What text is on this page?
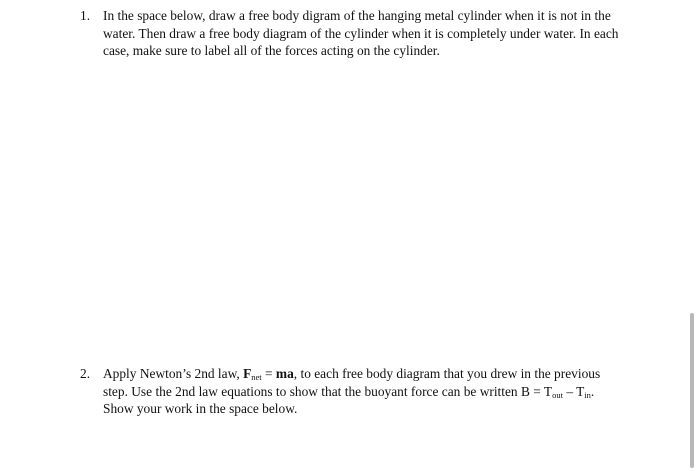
1. In the space below, draw a free body digram of the hanging metal cylinder when it is not in the water. Then draw a free body diagram of the cylinder when it is completely under water. In each case, make sure to label all of the forces acting on the cylinder.
2. Apply Newton’s 2nd law, $F_{net}$ = ma, to each free body diagram that you drew in the previous step. Use the 2nd law equations to show that the buoyant force can be written $B = T_{out} - T_{in}$. Show your work in the space below.
